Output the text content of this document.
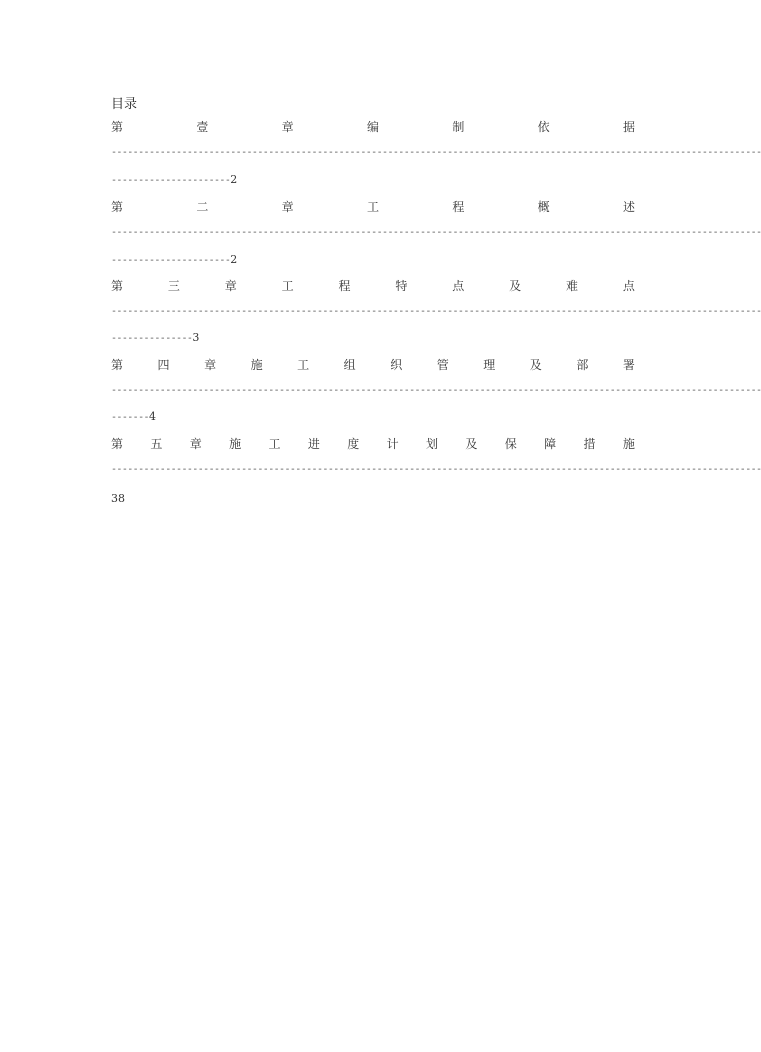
目录
第	壹	章	编	制	依	据
------------------------------------------------------------------------------------------------------------------------
----------------------2
第	二	章	工	程	概	述
------------------------------------------------------------------------------------------------------------------------
----------------------2
第	三	章	工	程	特	点	及	难	点
------------------------------------------------------------------------------------------------------------------------
---------------3
第	四	章	施	工	组	织	管	理	及	部	署
------------------------------------------------------------------------------------------------------------------------
-------4
第 五 章 施 工 进 度 计 划 及 保 障 措 施
------------------------------------------------------------------------------------------------------------------------
38
